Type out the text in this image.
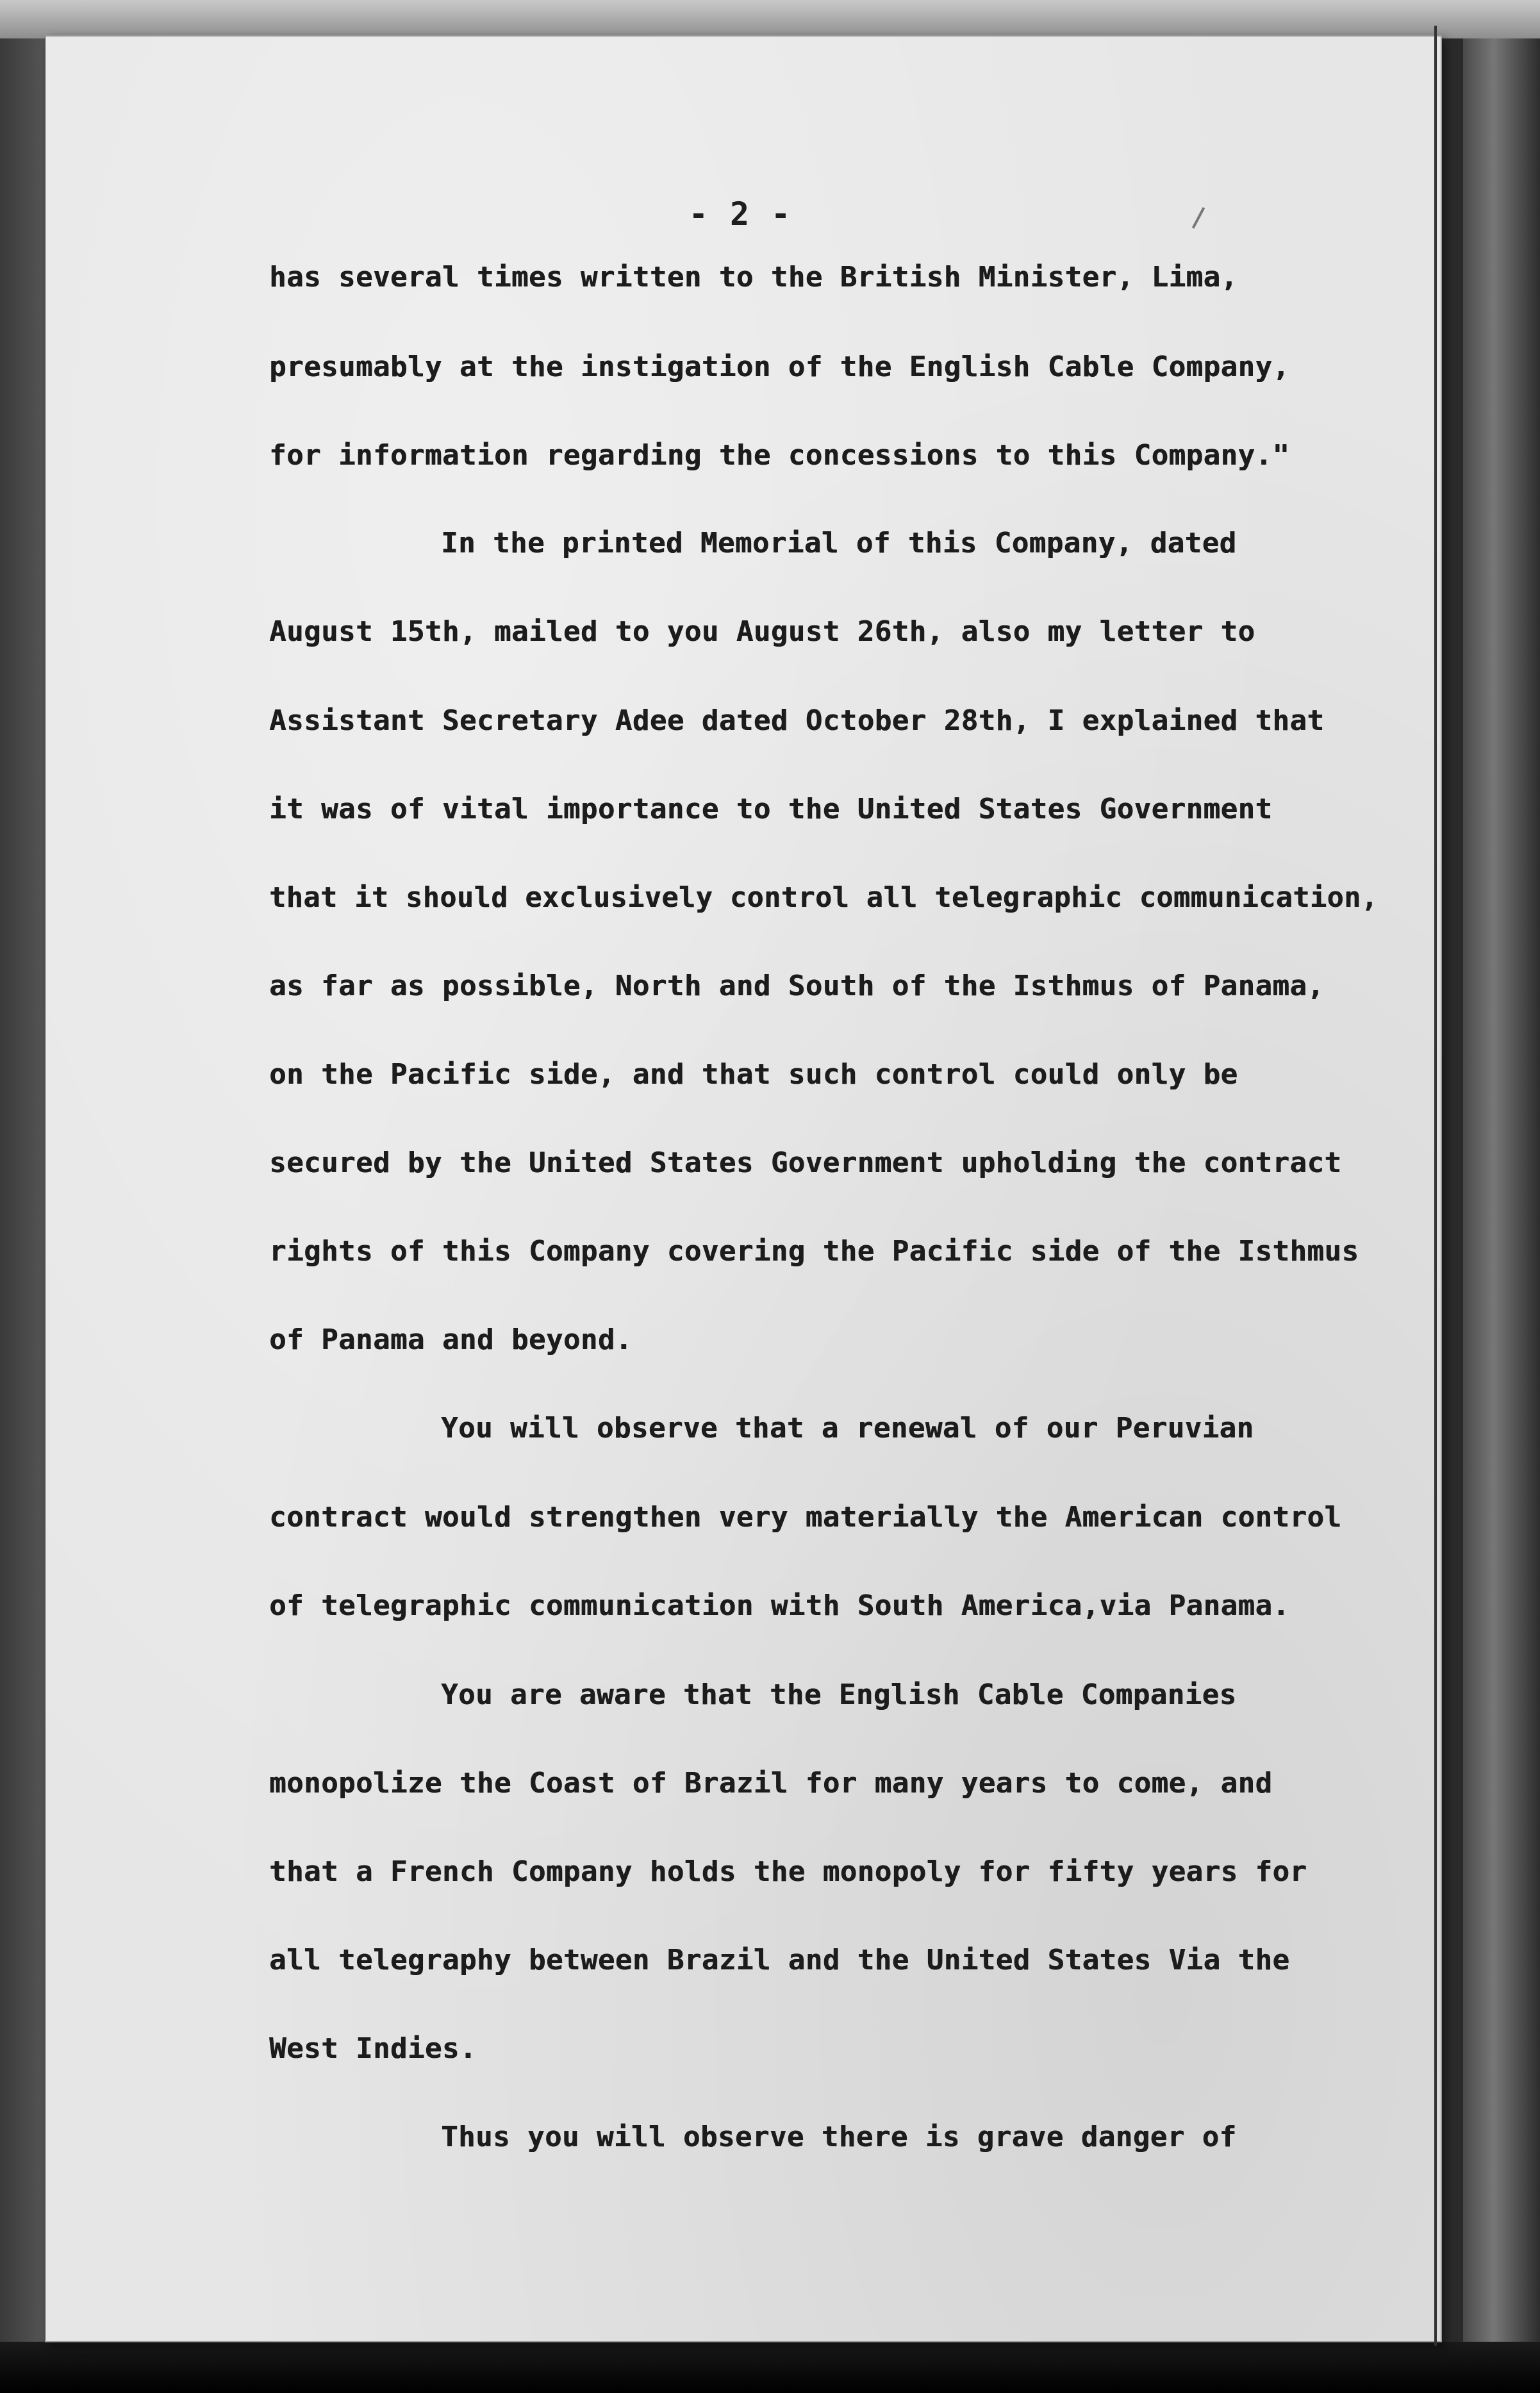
- 2 -
has several times written to the British Minister, Lima,
presumably at the instigation of the English Cable Company,
for information regarding the concessions to this Company."
In the printed Memorial of this Company, dated
August 15th, mailed to you August 26th, also my letter to
Assistant Secretary Adee dated October 28th, I explained that
it was of vital importance to the United States Government
that it should exclusively control all telegraphic communication,
as far as possible, North and South of the Isthmus of Panama,
on the Pacific side, and that such control could only be
secured by the United States Government upholding the contract
rights of this Company covering the Pacific side of the Isthmus
of Panama and beyond.
You will observe that a renewal of our Peruvian
contract would strengthen very materially the American control
of telegraphic communication with South America,via Panama.
You are aware that the English Cable Companies
monopolize the Coast of Brazil for many years to come, and
that a French Company holds the monopoly for fifty years for
all telegraphy between Brazil and the United States Via the
West Indies.
Thus you will observe there is grave danger of
